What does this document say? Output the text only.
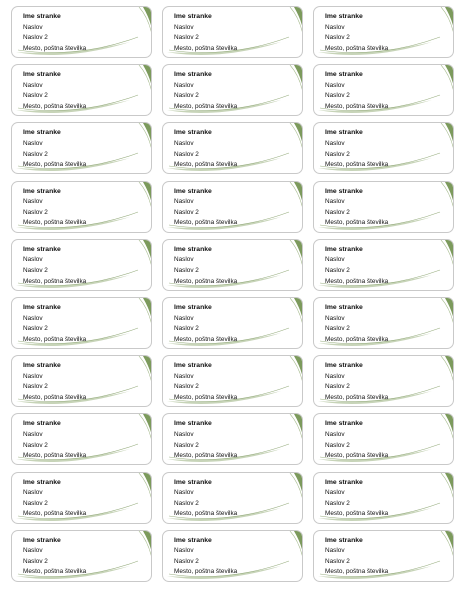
Ime stranke
Naslov
Naslov 2
Mesto, poštna številka
Ime stranke
Naslov
Naslov 2
Mesto, poštna številka
Ime stranke
Naslov
Naslov 2
Mesto, poštna številka
Ime stranke
Naslov
Naslov 2
Mesto, poštna številka
Ime stranke
Naslov
Naslov 2
Mesto, poštna številka
Ime stranke
Naslov
Naslov 2
Mesto, poštna številka
Ime stranke
Naslov
Naslov 2
Mesto, poštna številka
Ime stranke
Naslov
Naslov 2
Mesto, poštna številka
Ime stranke
Naslov
Naslov 2
Mesto, poštna številka
Ime stranke
Naslov
Naslov 2
Mesto, poštna številka
Ime stranke
Naslov
Naslov 2
Mesto, poštna številka
Ime stranke
Naslov
Naslov 2
Mesto, poštna številka
Ime stranke
Naslov
Naslov 2
Mesto, poštna številka
Ime stranke
Naslov
Naslov 2
Mesto, poštna številka
Ime stranke
Naslov
Naslov 2
Mesto, poštna številka
Ime stranke
Naslov
Naslov 2
Mesto, poštna številka
Ime stranke
Naslov
Naslov 2
Mesto, poštna številka
Ime stranke
Naslov
Naslov 2
Mesto, poštna številka
Ime stranke
Naslov
Naslov 2
Mesto, poštna številka
Ime stranke
Naslov
Naslov 2
Mesto, poštna številka
Ime stranke
Naslov
Naslov 2
Mesto, poštna številka
Ime stranke
Naslov
Naslov 2
Mesto, poštna številka
Ime stranke
Naslov
Naslov 2
Mesto, poštna številka
Ime stranke
Naslov
Naslov 2
Mesto, poštna številka
Ime stranke
Naslov
Naslov 2
Mesto, poštna številka
Ime stranke
Naslov
Naslov 2
Mesto, poštna številka
Ime stranke
Naslov
Naslov 2
Mesto, poštna številka
Ime stranke
Naslov
Naslov 2
Mesto, poštna številka
Ime stranke
Naslov
Naslov 2
Mesto, poštna številka
Ime stranke
Naslov
Naslov 2
Mesto, poštna številka
